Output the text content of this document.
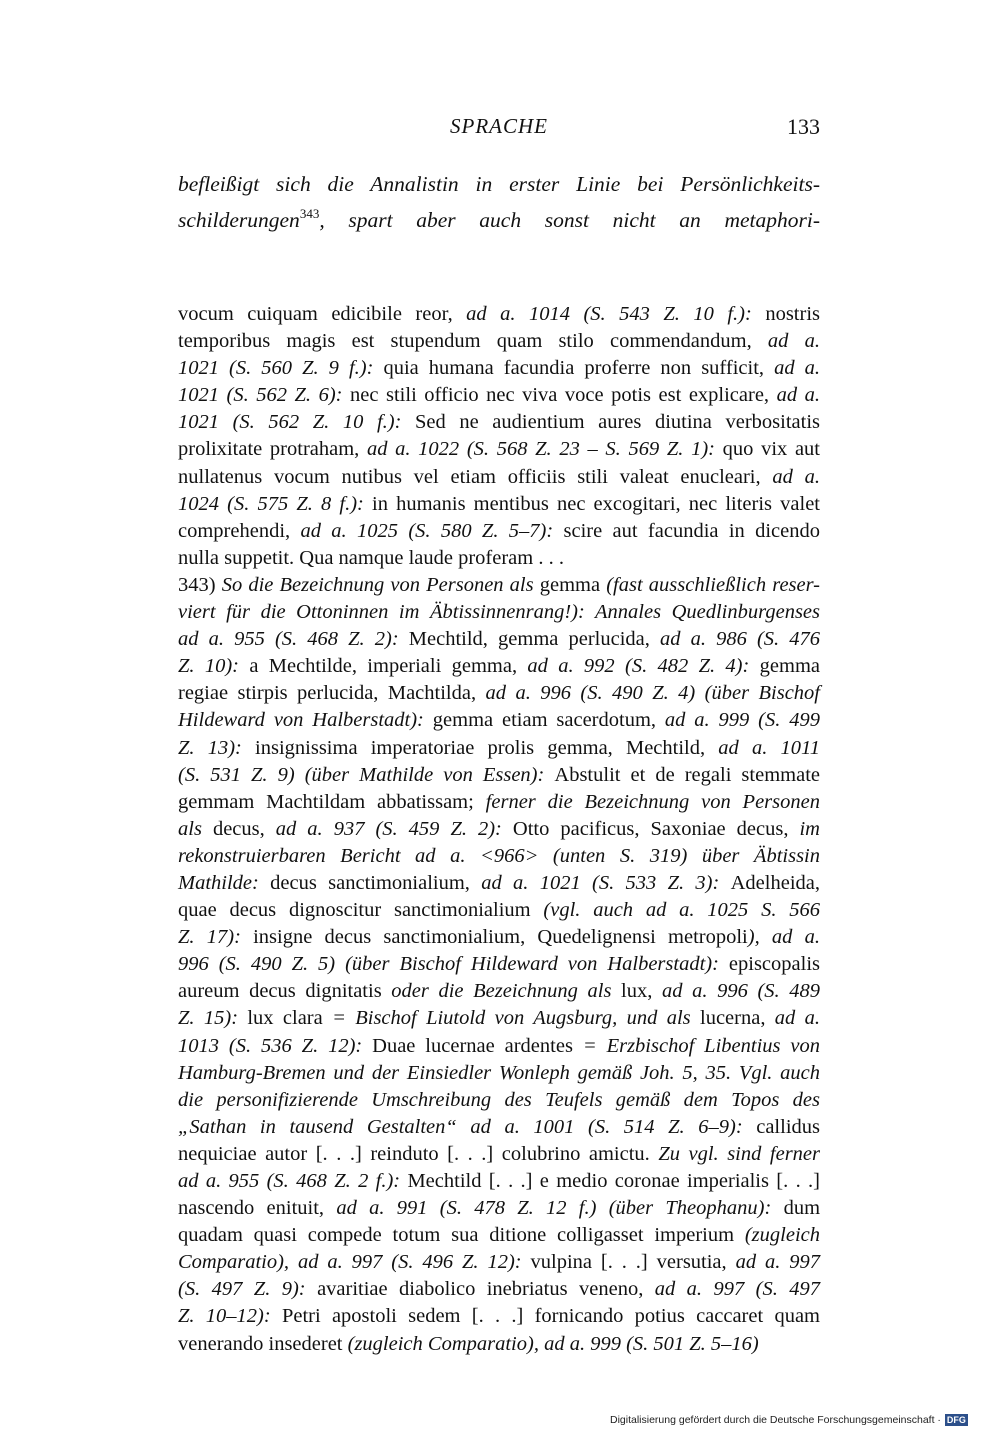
SPRACHE	133
befleißigt sich die Annalistin in erster Linie bei Persönlichkeits-
schilderungen$^{343}$, spart aber auch sonst nicht an metaphori-
vocum cuiquam edicibile reor, ad a. 1014 (S. 543 Z. 10 f.): nostris
temporibus magis est stupendum quam stilo commendandum, ad a.
1021 (S. 560 Z. 9 f.): quia humana facundia proferre non sufficit, ad a.
1021 (S. 562 Z. 6): nec stili officio nec viva voce potis est explicare, ad a.
1021 (S. 562 Z. 10 f.): Sed ne audientium aures diutina verbositatis
prolixitate protraham, ad a. 1022 (S. 568 Z. 23 – S. 569 Z. 1): quo vix aut
nullatenus vocum nutibus vel etiam officiis stili valeat enucleari, ad a.
1024 (S. 575 Z. 8 f.): in humanis mentibus nec excogitari, nec literis valet
comprehendi, ad a. 1025 (S. 580 Z. 5–7): scire aut facundia in dicendo
nulla suppetit. Qua namque laude proferam . . .
343) So die Bezeichnung von Personen als gemma (fast ausschließlich reser-
viert für die Ottoninnen im Äbtissinnenrang!): Annales Quedlinburgenses
ad a. 955 (S. 468 Z. 2): Mechtild, gemma perlucida, ad a. 986 (S. 476
Z. 10): a Mechtilde, imperiali gemma, ad a. 992 (S. 482 Z. 4): gemma
regiae stirpis perlucida, Machtilda, ad a. 996 (S. 490 Z. 4) (über Bischof
Hildeward von Halberstadt): gemma etiam sacerdotum, ad a. 999 (S. 499
Z. 13): insignissima imperatoriae prolis gemma, Mechtild, ad a. 1011
(S. 531 Z. 9) (über Mathilde von Essen): Abstulit et de regali stemmate
gemmam Machtildam abbatissam; ferner die Bezeichnung von Personen
als decus, ad a. 937 (S. 459 Z. 2): Otto pacificus, Saxoniae decus, im
rekonstruierbaren Bericht ad a. <966> (unten S. 319) über Äbtissin
Mathilde: decus sanctimonialium, ad a. 1021 (S. 533 Z. 3): Adelheida,
quae decus dignoscitur sanctimonialium (vgl. auch ad a. 1025 S. 566
Z. 17): insigne decus sanctimonialium, Quedelignensi metropoli), ad a.
996 (S. 490 Z. 5) (über Bischof Hildeward von Halberstadt): episcopalis
aureum decus dignitatis oder die Bezeichnung als lux, ad a. 996 (S. 489
Z. 15): lux clara = Bischof Liutold von Augsburg, und als lucerna, ad a.
1013 (S. 536 Z. 12): Duae lucernae ardentes = Erzbischof Libentius von
Hamburg-Bremen und der Einsiedler Wonleph gemäß Joh. 5, 35. Vgl. auch
die personifizierende Umschreibung des Teufels gemäß dem Topos des
„Sathan in tausend Gestalten“ ad a. 1001 (S. 514 Z. 6–9): callidus
nequiciae autor [. . .] reinduto [. . .] colubrino amictu. Zu vgl. sind ferner
ad a. 955 (S. 468 Z. 2 f.): Mechtild [. . .] e medio coronae imperialis [. . .]
nascendo enituit, ad a. 991 (S. 478 Z. 12 f.) (über Theophanu): dum
quadam quasi compede totum sua ditione colligasset imperium (zugleich
Comparatio), ad a. 997 (S. 496 Z. 12): vulpina [. . .] versutia, ad a. 997
(S. 497 Z. 9): avaritiae diabolico inebriatus veneno, ad a. 997 (S. 497
Z. 10–12): Petri apostoli sedem [. . .] fornicando potius caccaret quam
venerando insederet (zugleich Comparatio), ad a. 999 (S. 501 Z. 5–16)
Digitalisierung gefördert durch die Deutsche Forschungsgemeinschaft · DFG
